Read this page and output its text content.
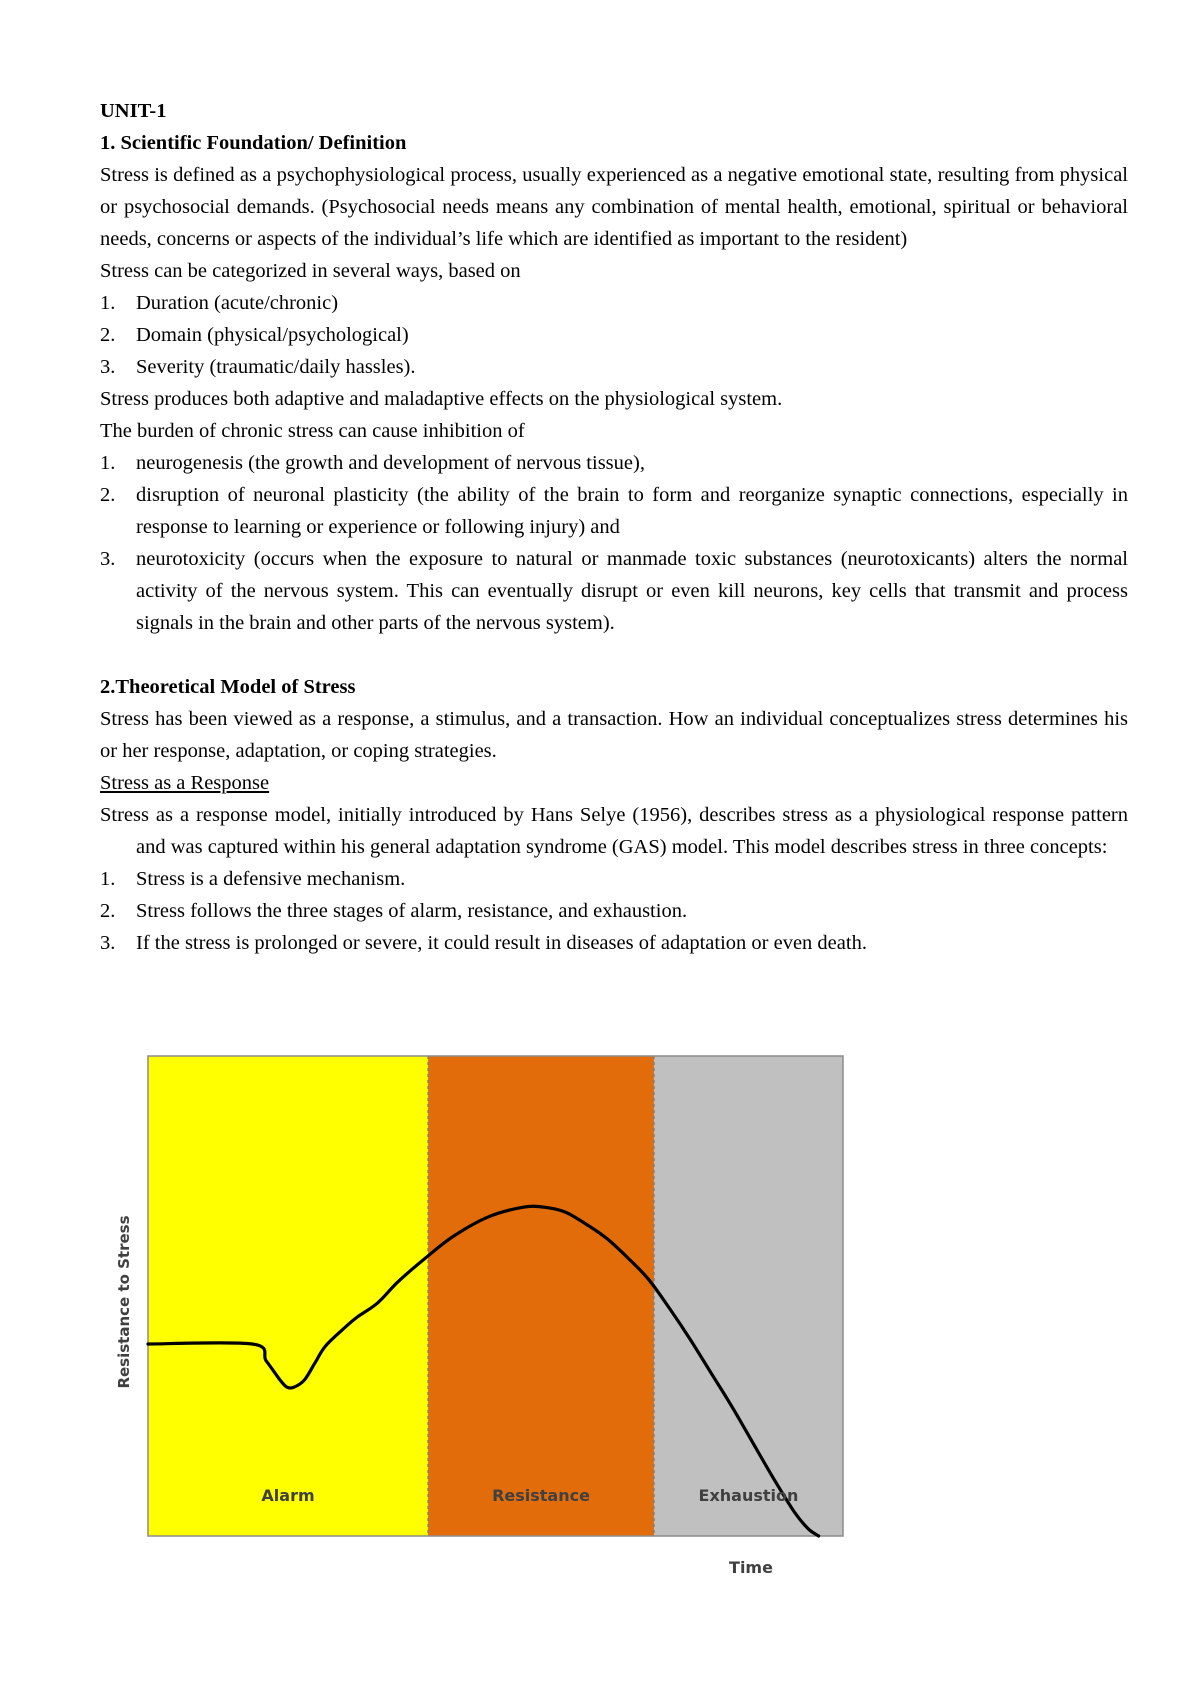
UNIT-1

1. Scientific Foundation/ Definition

Stress is defined as a psychophysiological process, usually experienced as a negative emotional state, resulting from physical or psychosocial demands. (Psychosocial needs means any combination of mental health, emotional, spiritual or behavioral needs, concerns or aspects of the individual’s life which are identified as important to the resident)

Stress can be categorized in several ways, based on

1. Duration (acute/chronic)

2. Domain (physical/psychological)

3. Severity (traumatic/daily hassles).

Stress produces both adaptive and maladaptive effects on the physiological system.

The burden of chronic stress can cause inhibition of

1. neurogenesis (the growth and development of nervous tissue),

2. disruption of neuronal plasticity (the ability of the brain to form and reorganize synaptic connections, especially in response to learning or experience or following injury) and

3. neurotoxicity (occurs when the exposure to natural or manmade toxic substances (neurotoxicants) alters the normal activity of the nervous system. This can eventually disrupt or even kill neurons, key cells that transmit and process signals in the brain and other parts of the nervous system).

2.Theoretical Model of Stress

Stress has been viewed as a response, a stimulus, and a transaction. How an individual conceptualizes stress determines his or her response, adaptation, or coping strategies.

Stress as a Response

Stress as a response model, initially introduced by Hans Selye (1956), describes stress as a physiological response pattern and was captured within his general adaptation syndrome (GAS) model. This model describes stress in three concepts:

1. Stress is a defensive mechanism.

2. Stress follows the three stages of alarm, resistance, and exhaustion.

3. If the stress is prolonged or severe, it could result in diseases of adaptation or even death.

Alarm	Resistance	Exhaustion
Resistance to Stress
Time
